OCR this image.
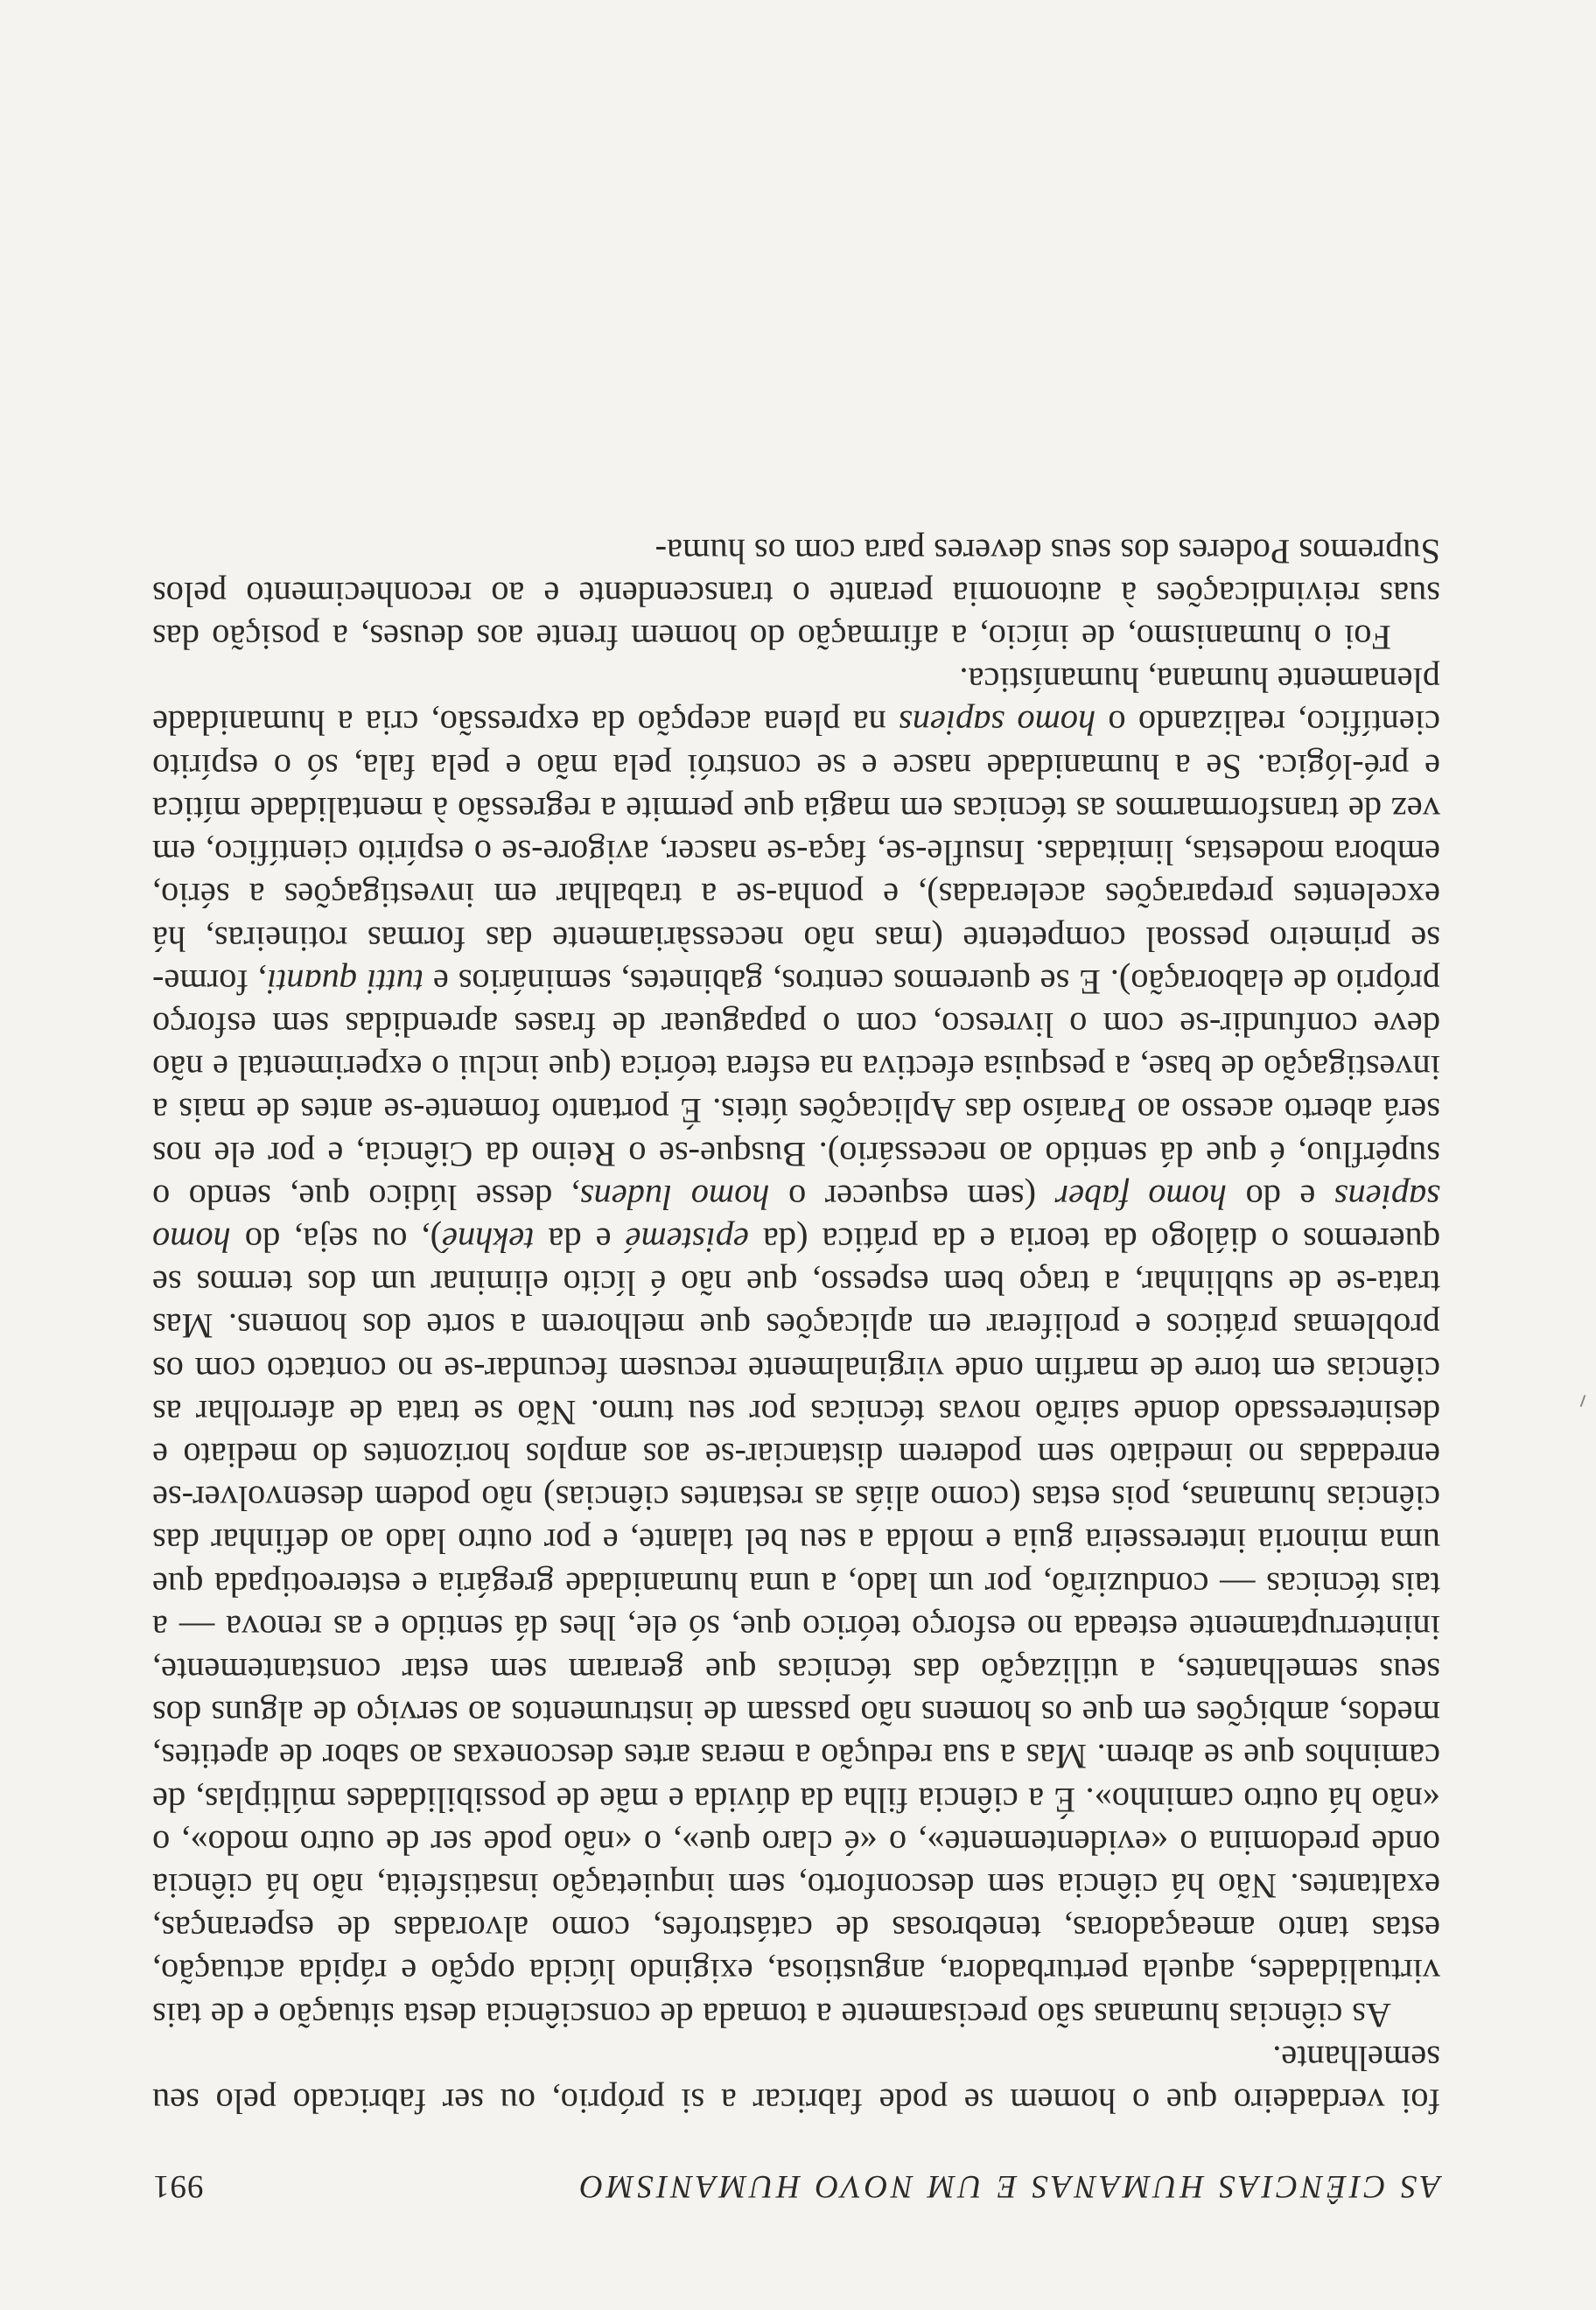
AS CIÊNCIAS HUMANAS E UM NOVO HUMANISMO
991

foi verdadeiro que o homem se pode fabricar a si próprio, ou ser fabricado pelo seu semelhante.

As ciências humanas são precisamente a tomada de consciência desta situação e de tais virtualidades, aquela perturbadora, angustiosa, exigindo lúcida opção e rápida actuação, estas tanto ameaçadoras, tenebrosas de catástrofes, como alvoradas de esperanças, exaltantes. Não há ciência sem desconforto, sem inquietação insatisfeita, não há ciência onde predomina o «evidentemente», o «é claro que», o «não pode ser de outro modo», o «não há outro caminho». É a ciência filha da dúvida e mãe de possibilidades múltiplas, de caminhos que se abrem. Mas a sua redução a meras artes desconexas ao sabor de apetites, medos, ambições em que os homens não passam de instrumentos ao serviço de alguns dos seus semelhantes, a utilização das técnicas que geraram sem estar constantemente, ininterruptamente esteada no esforço teórico que, só ele, lhes dá sentido e as renova — a tais técnicas — conduzirão, por um lado, a uma humanidade gregária e estereotipada que uma minoria interesseira guia e molda a seu bel talante, e por outro lado ao definhar das ciências humanas, pois estas (como aliás as restantes ciências) não podem desenvolver-se enredadas no imediato sem poderem distanciar-se aos amplos horizontes do mediato e desinteressado donde sairão novas técnicas por seu turno. Não se trata de aferrolhar as ciências em torre de marfim onde virginalmente recusem fecundar-se no contacto com os problemas práticos e proliferar em aplicações que melhorem a sorte dos homens. Mas trata-se de sublinhar, a traço bem espesso, que não é lícito eliminar um dos termos se queremos o diálogo da teoria e da prática (da epistemé e da tekhné), ou seja, do homo sapiens e do homo faber (sem esquecer o homo ludens, desse lúdico que, sendo o supérfluo, é que dá sentido ao necessário). Busque-se o Reino da Ciência, e por ele nos será aberto acesso ao Paraíso das Aplicações úteis. É portanto fomente-se antes de mais a investigação de base, a pesquisa efectiva na esfera teórica (que inclui o experimental e não deve confundir-se com o livresco, com o papaguear de frases aprendidas sem esforço próprio de elaboração). E se queremos centros, gabinetes, seminários e tutti quanti, forme-se primeiro pessoal competente (mas não necessàriamente das formas rotineiras, há excelentes preparações aceleradas), e ponha-se a trabalhar em investigações a sério, embora modestas, limitadas. Insufle-se, faça-se nascer, avigore-se o espírito científico, em vez de transformarmos as técnicas em magia que permite a regressão à mentalidade mítica e pré-lógica. Se a humanidade nasce e se constrói pela mão e pela fala, só o espírito científico, realizando o homo sapiens na plena acepção da expressão, cria a humanidade plenamente humana, humanística.

Foi o humanismo, de início, a afirmação do homem frente aos deuses, a posição das suas reivindicações à autonomia perante o transcendente e ao reconhecimento pelos Supremos Poderes dos seus deveres para com os huma-
